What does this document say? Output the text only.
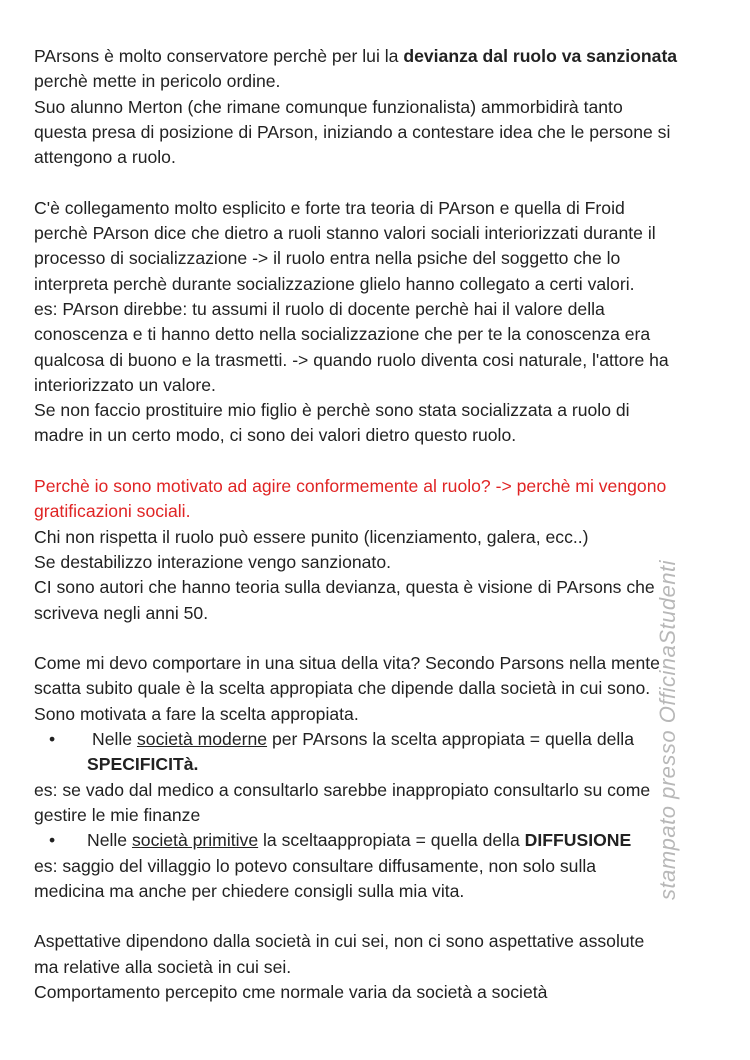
PArsons è molto conservatore perchè per lui la devianza dal ruolo va sanzionata
perchè mette in pericolo ordine.
Suo alunno Merton (che rimane comunque funzionalista) ammorbidirà tanto
questa presa di posizione di PArson, iniziando a contestare idea che le persone si
attengono a ruolo.
C'è collegamento molto esplicito e forte tra teoria di PArson e quella di Froid
perchè PArson dice che dietro a ruoli stanno valori sociali interiorizzati durante il
processo di socializzazione -> il ruolo entra nella psiche del soggetto che lo
interpreta perchè durante socializzazione glielo hanno collegato a certi valori.
es: PArson direbbe: tu assumi il ruolo di docente perchè hai il valore della
conoscenza e ti hanno detto nella socializzazione che per te la conoscenza era
qualcosa di buono e la trasmetti. -> quando ruolo diventa cosi naturale, l'attore ha
interiorizzato un valore.
Se non faccio prostituire mio figlio è perchè sono stata socializzata a ruolo di
madre in un certo modo, ci sono dei valori dietro questo ruolo.
Perchè io sono motivato ad agire conformemente al ruolo? -> perchè mi vengono
gratificazioni sociali.
Chi non rispetta il ruolo può essere punito (licenziamento, galera, ecc..)
Se destabilizzo interazione vengo sanzionato.
CI sono autori che hanno teoria sulla devianza, questa è visione di PArsons che
scriveva negli anni 50.
Come mi devo comportare in una situa della vita? Secondo Parsons nella mente
scatta subito quale è la scelta appropiata che dipende dalla società in cui sono.
Sono motivata a fare la scelta appropiata.
•	Nelle società moderne per PArsons la scelta appropiata = quella della
SPECIFICITà.
es: se vado dal medico a consultarlo sarebbe inappropiato consultarlo su come
gestire le mie finanze
•	Nelle società primitive la sceltaappropiata = quella della DIFFUSIONE
es: saggio del villaggio lo potevo consultare diffusamente, non solo sulla
medicina ma anche per chiedere consigli sulla mia vita.
Aspettative dipendono dalla società in cui sei, non ci sono aspettative assolute
ma relative alla società in cui sei.
Comportamento percepito cme normale varia da società a società
stampato presso OfficinaStudenti
